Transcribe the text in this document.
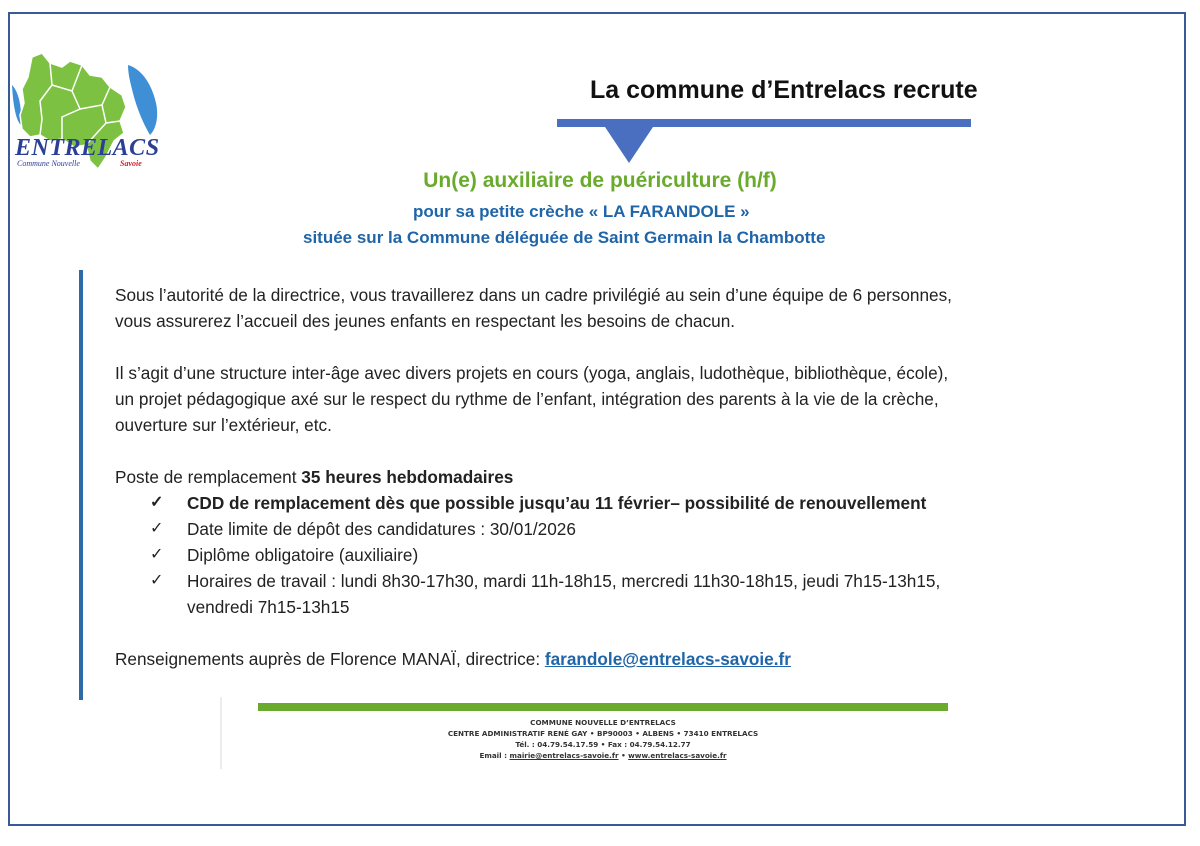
ENTRELACS
Commune Nouvelle	Savoie
La commune d’Entrelacs recrute
Un(e) auxiliaire de puériculture (h/f)
pour sa petite crèche « LA FARANDOLE »
située sur la Commune déléguée de Saint Germain la Chambotte

Sous l’autorité de la directrice, vous travaillerez dans un cadre privilégié au sein d’une équipe de 6 personnes,

vous assurerez l’accueil des jeunes enfants en respectant les besoins de chacun.

Il s’agit d’une structure inter-âge avec divers projets en cours (yoga, anglais, ludothèque, bibliothèque, école),

un projet pédagogique axé sur le respect du rythme de l’enfant, intégration des parents à la vie de la crèche,

ouverture sur l’extérieur, etc.

Poste de remplacement 35 heures hebdomadaires

✓ CDD de remplacement dès que possible jusqu’au 11 février– possibilité de renouvellement
✓ Date limite de dépôt des candidatures : 30/01/2026
✓ Diplôme obligatoire (auxiliaire)
✓ Horaires de travail : lundi 8h30-17h30, mardi 11h-18h15, mercredi 11h30-18h15, jeudi 7h15-13h15,
vendredi 7h15-13h15

Renseignements auprès de Florence MANAÏ, directrice: farandole@entrelacs-savoie.fr

COMMUNE NOUVELLE D’ENTRELACS
CENTRE ADMINISTRATIF RENÉ GAY • BP90003 • ALBENS • 73410 ENTRELACS
Tél. : 04.79.54.17.59 • Fax : 04.79.54.12.77
Email : mairie@entrelacs-savoie.fr • www.entrelacs-savoie.fr
